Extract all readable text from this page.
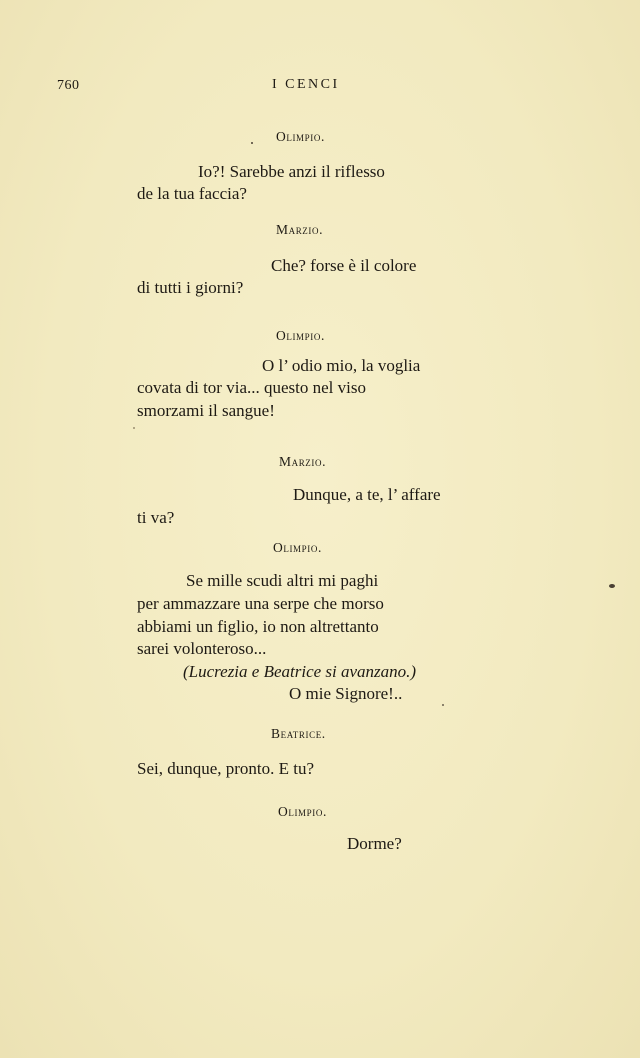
760	I CENCI
Olimpio.
Io?! Sarebbe anzi il riflesso
de la tua faccia?
Marzio.
Che? forse è il colore
di tutti i giorni?
Olimpio.
O l’ odio mio, la voglia
covata di tor via... questo nel viso
smorzami il sangue!
Marzio.
Dunque, a te, l’ affare
ti va?
Olimpio.
Se mille scudi altri mi paghi
per ammazzare una serpe che morso
abbiami un figlio, io non altrettanto
sarei volonteroso...
(Lucrezia e Beatrice si avanzano.)
O mie Signore!..
Beatrice.
Sei, dunque, pronto. E tu?
Olimpio.
Dorme?
